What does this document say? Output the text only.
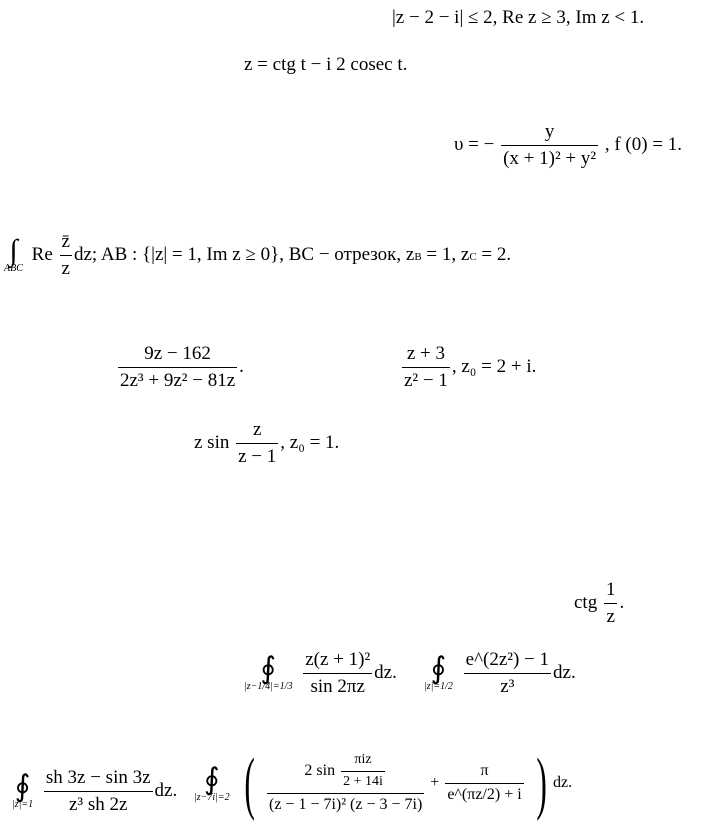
|z − 2 − i| ≤ 2, Re z ≥ 3, Im z < 1.
z = ctg t − i 2 cosec t.
υ = − $\frac{y}{\text{(x + 1)² + y²}}$ , f (0) = 1.
∫
ABC
Re $\frac{z̄}{z}$ dz; AB : {|z| = 1, Im z ≥ 0}, BC − отрезок, zB = 1, zC = 2.
$\frac{9z - 162}{\text{2z³ + 9z² − 81z}}$ .	$\frac{z + 3}{\text{z² − 1}}$ , z₀ = 2 + i.
z $\sin \frac{z}{z - 1}$ , z₀ = 1.
ctg $\frac{1}{z}$ .
∮
|z−1/4|=1/3
$\frac{\text{z(z + 1)²}}{\sin 2\pi z}$ dz. ∮
|z|=1/2
$\frac{\text{e\textasciicircum{}(2z²) − 1}}{\text{z³}}$ dz.
∮
|z|=1
$\frac{sh 3z - \sin 3z}{\text{z³ sh 2z}}$ dz. ∮
|z−7i|=2 ( $\frac{2 \sin \frac{\text{πiz}}{2 + 14i}}{\text{(z − 1 − 7i)² (z − 3 − 7i)}} + \frac{\pi}{e\^{}(\pi z/2) + i}$ ) dz.
